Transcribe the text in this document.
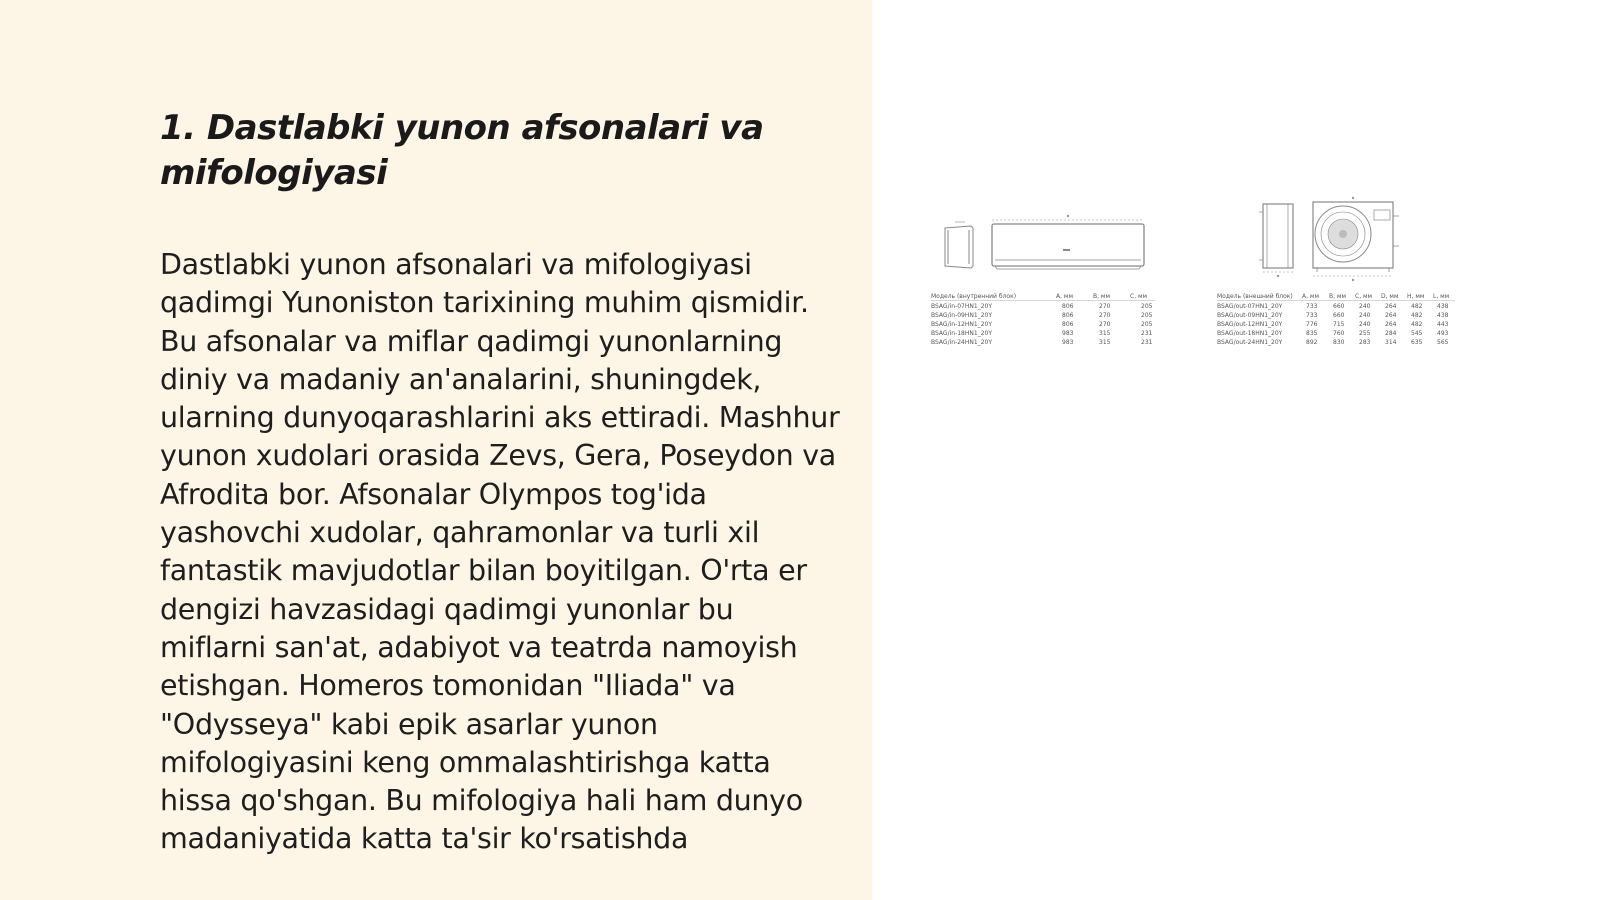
1. Dastlabki yunon afsonalari va mifologiyasi

Dastlabki yunon afsonalari va mifologiyasi qadimgi Yunoniston tarixining muhim qismidir. Bu afsonalar va miflar qadimgi yunonlarning diniy va madaniy an'analarini, shuningdek, ularning dunyoqarashlarini aks ettiradi. Mashhur yunon xudolari orasida Zevs, Gera, Poseydon va Afrodita bor. Afsonalar Olympos tog'ida yashovchi xudolar, qahramonlar va turli xil fantastik mavjudotlar bilan boyitilgan. O'rta er dengizi havzasidagi qadimgi yunonlar bu miflarni san'at, adabiyot va teatrda namoyish etishgan. Homeros tomonidan "Iliada" va "Odysseya" kabi epik asarlar yunon mifologiyasini keng ommalashtirishga katta hissa qo'shgan. Bu mifologiya hali ham dunyo madaniyatida katta ta'sir ko'rsatishda

Модель (внутренний блок)	A, мм	B, мм	C, мм
BSAG/in-07HN1_20Y	806	270	205
BSAG/in-09HN1_20Y	806	270	205
BSAG/in-12HN1_20Y	806	270	205
BSAG/in-18HN1_20Y	983	315	231
BSAG/in-24HN1_20Y	983	315	231
Модель (внешний блок) A, мм B, мм C, мм D, мм H, мм L, мм
BSAG/out-07HN1_20Y	733	660 240 264 482 438
BSAG/out-09HN1_20Y	733	660 240 264 482 438
BSAG/out-12HN1_20Y	776	715 240 264 482 443
BSAG/out-18HN1_20Y	835	760 255 284 545 493
BSAG/out-24HN1_20Y	892	830 283 314 635 565
